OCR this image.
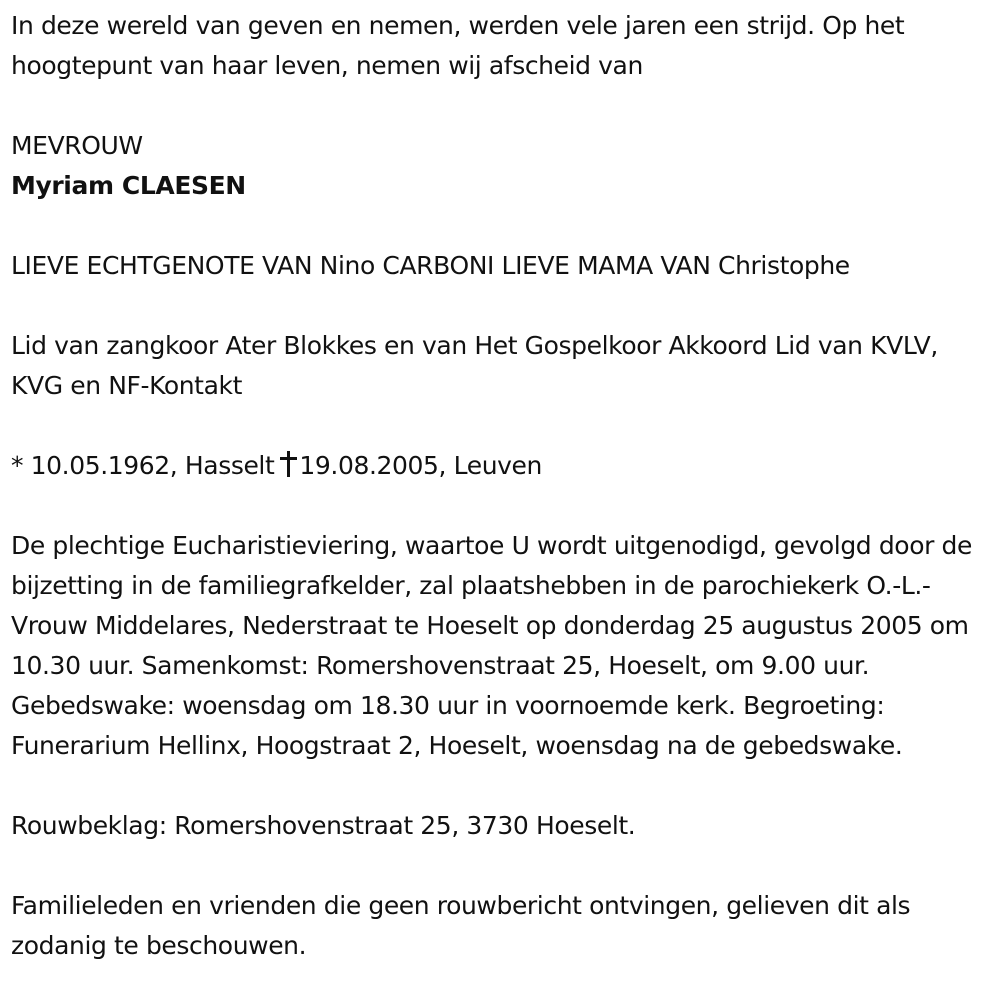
In deze wereld van geven en nemen, werden vele jaren een strijd. Op het hoogtepunt van haar leven, nemen wij afscheid van

MEVROUW

Myriam CLAESEN

LIEVE ECHTGENOTE VAN Nino CARBONI LIEVE MAMA VAN Christophe

Lid van zangkoor Ater Blokkes en van Het Gospelkoor Akkoord Lid van KVLV, KVG en NF-Kontakt

* 10.05.1962, Hasselt 19.08.2005, Leuven

De plechtige Eucharistieviering, waartoe U wordt uitgenodigd, gevolgd door de bijzetting in de familiegrafkelder, zal plaatshebben in de parochiekerk O.-L.-Vrouw Middelares, Nederstraat te Hoeselt op donderdag 25 augustus 2005 om 10.30 uur. Samenkomst: Romershovenstraat 25, Hoeselt, om 9.00 uur. Gebedswake: woensdag om 18.30 uur in voornoemde kerk. Begroeting: Funerarium Hellinx, Hoogstraat 2, Hoeselt, woensdag na de gebedswake.

Rouwbeklag: Romershovenstraat 25, 3730 Hoeselt.

Familieleden en vrienden die geen rouwbericht ontvingen, gelieven dit als zodanig te beschouwen.
